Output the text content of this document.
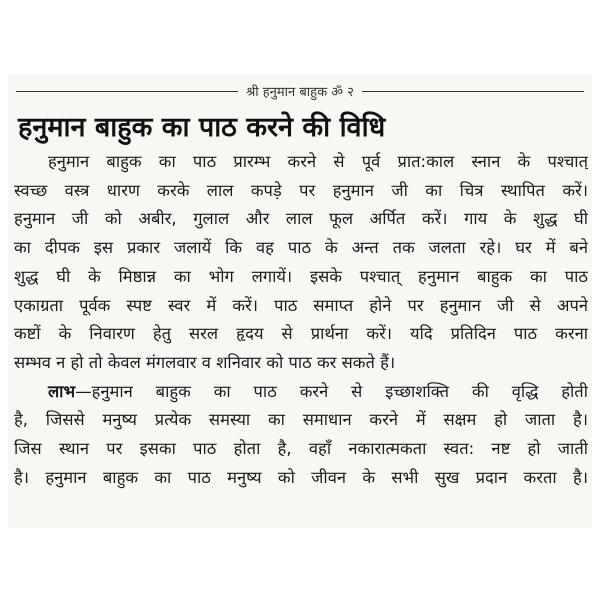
श्री हनुमान बाहुक ॐ २
हनुमान बाहुक का पाठ करने की विधि
हनुमान बाहुक का पाठ प्रारम्भ करने से पूर्व प्रात:काल स्नान के पश्चात्
स्वच्छ वस्त्र धारण करके लाल कपड़े पर हनुमान जी का चित्र स्थापित करें।
हनुमान जी को अबीर, गुलाल और लाल फूल अर्पित करें। गाय के शुद्ध घी
का दीपक इस प्रकार जलायें कि वह पाठ के अन्त तक जलता रहे। घर में बने
शुद्ध घी के मिष्ठान्न का भोग लगायें। इसके पश्चात् हनुमान बाहुक का पाठ
एकाग्रता पूर्वक स्पष्ट स्वर में करें। पाठ समाप्त होने पर हनुमान जी से अपने
कष्टों के निवारण हेतु सरल हृदय से प्रार्थना करें। यदि प्रतिदिन पाठ करना
सम्भव न हो तो केवल मंगलवार व शनिवार को पाठ कर सकते हैं।
लाभ—हनुमान बाहुक का पाठ करने से इच्छाशक्ति की वृद्धि होती
है, जिससे मनुष्य प्रत्येक समस्या का समाधान करने में सक्षम हो जाता है।
जिस स्थान पर इसका पाठ होता है, वहाँ नकारात्मकता स्वत: नष्ट हो जाती
है। हनुमान बाहुक का पाठ मनुष्य को जीवन के सभी सुख प्रदान करता है।
